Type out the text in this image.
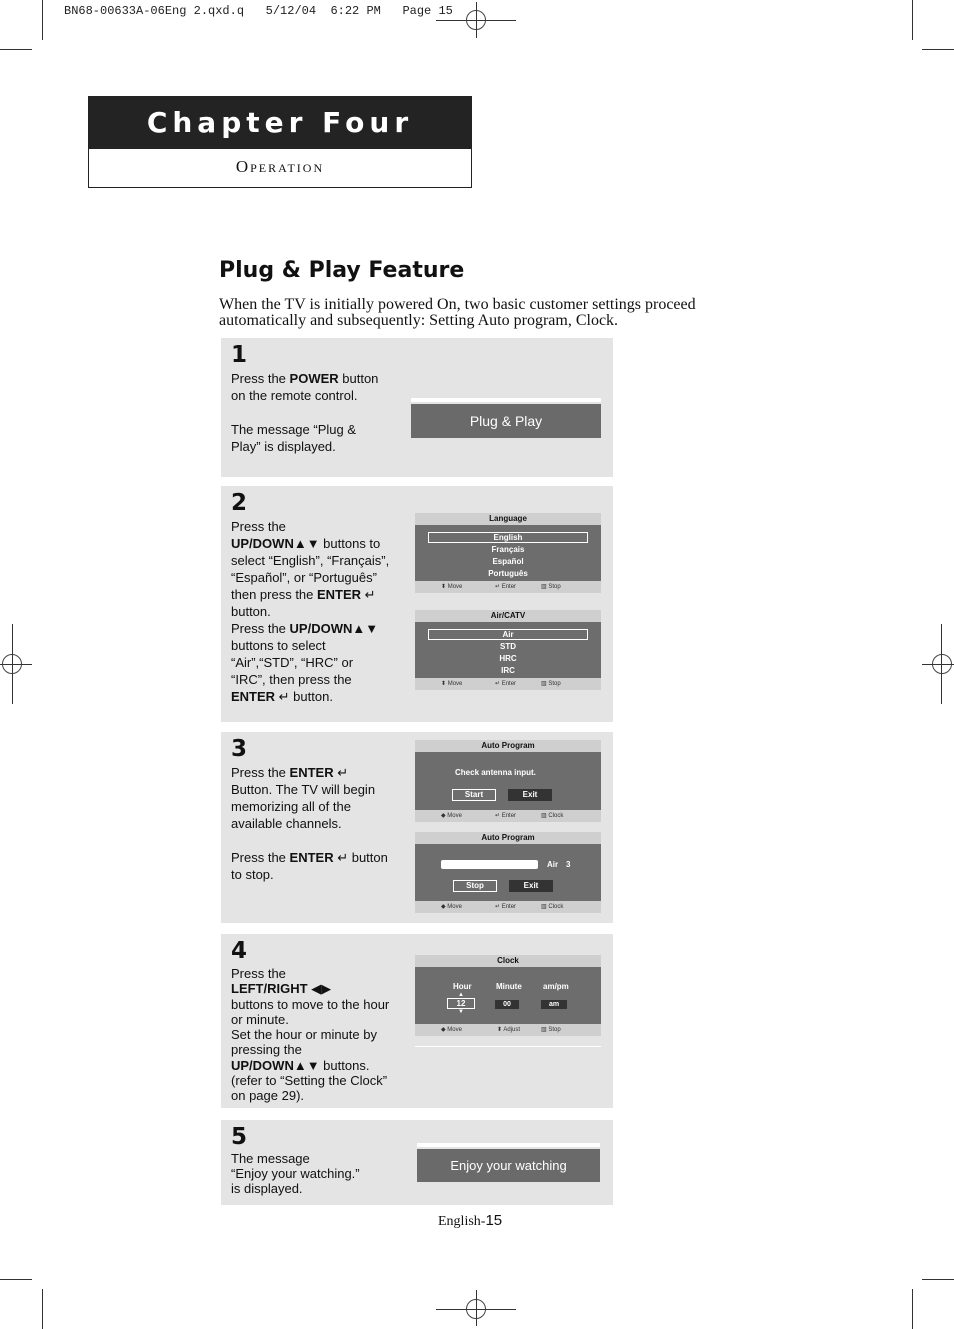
BN68-00633A-06Eng 2.qxd.q   5/12/04  6:22 PM   Page 15
Chapter Four
Operation
Plug & Play Feature
When the TV is initially powered On, two basic customer settings proceed automatically and subsequently: Setting Auto program, Clock.
1
Press the POWER button on the remote control.

The message “Plug & Play” is displayed.
Plug & Play
2
Press the
UP/DOWN▲▼ buttons to select “English”, “Français”, “Español”, or “Português” then press the ENTER ↵ button.
Press the UP/DOWN▲▼ buttons to select “Air”,“STD”, “HRC” or “IRC”, then press the ENTER ↵ button.
Language
English
Français
Español
Português
⬍ Move	↵ Enter	▥ Stop
Air/CATV
Air
STD
HRC
IRC
⬍ Move	↵ Enter	▥ Stop
3
Press the ENTER ↵ Button. The TV will begin memorizing all of the available channels.

Press the ENTER ↵ button to stop.
Auto Program
Check antenna input.
Start	Exit
◆ Move	↵ Enter	▥ Clock
Auto Program
Air 3
Stop	Exit
◆ Move	↵ Enter	▥ Clock
4
Press the
LEFT/RIGHT ◀▶
buttons to move to the hour or minute.
Set the hour or minute by pressing the
UP/DOWN▲▼ buttons.
(refer to “Setting the Clock” on page 29).
Clock
Hour	Minute	am/pm
▲
12
▼
00	am
◆ Move	⬍ Adjust	▥ Stop
5
The message
“Enjoy your watching.”
is displayed.
Enjoy your watching
English-15
